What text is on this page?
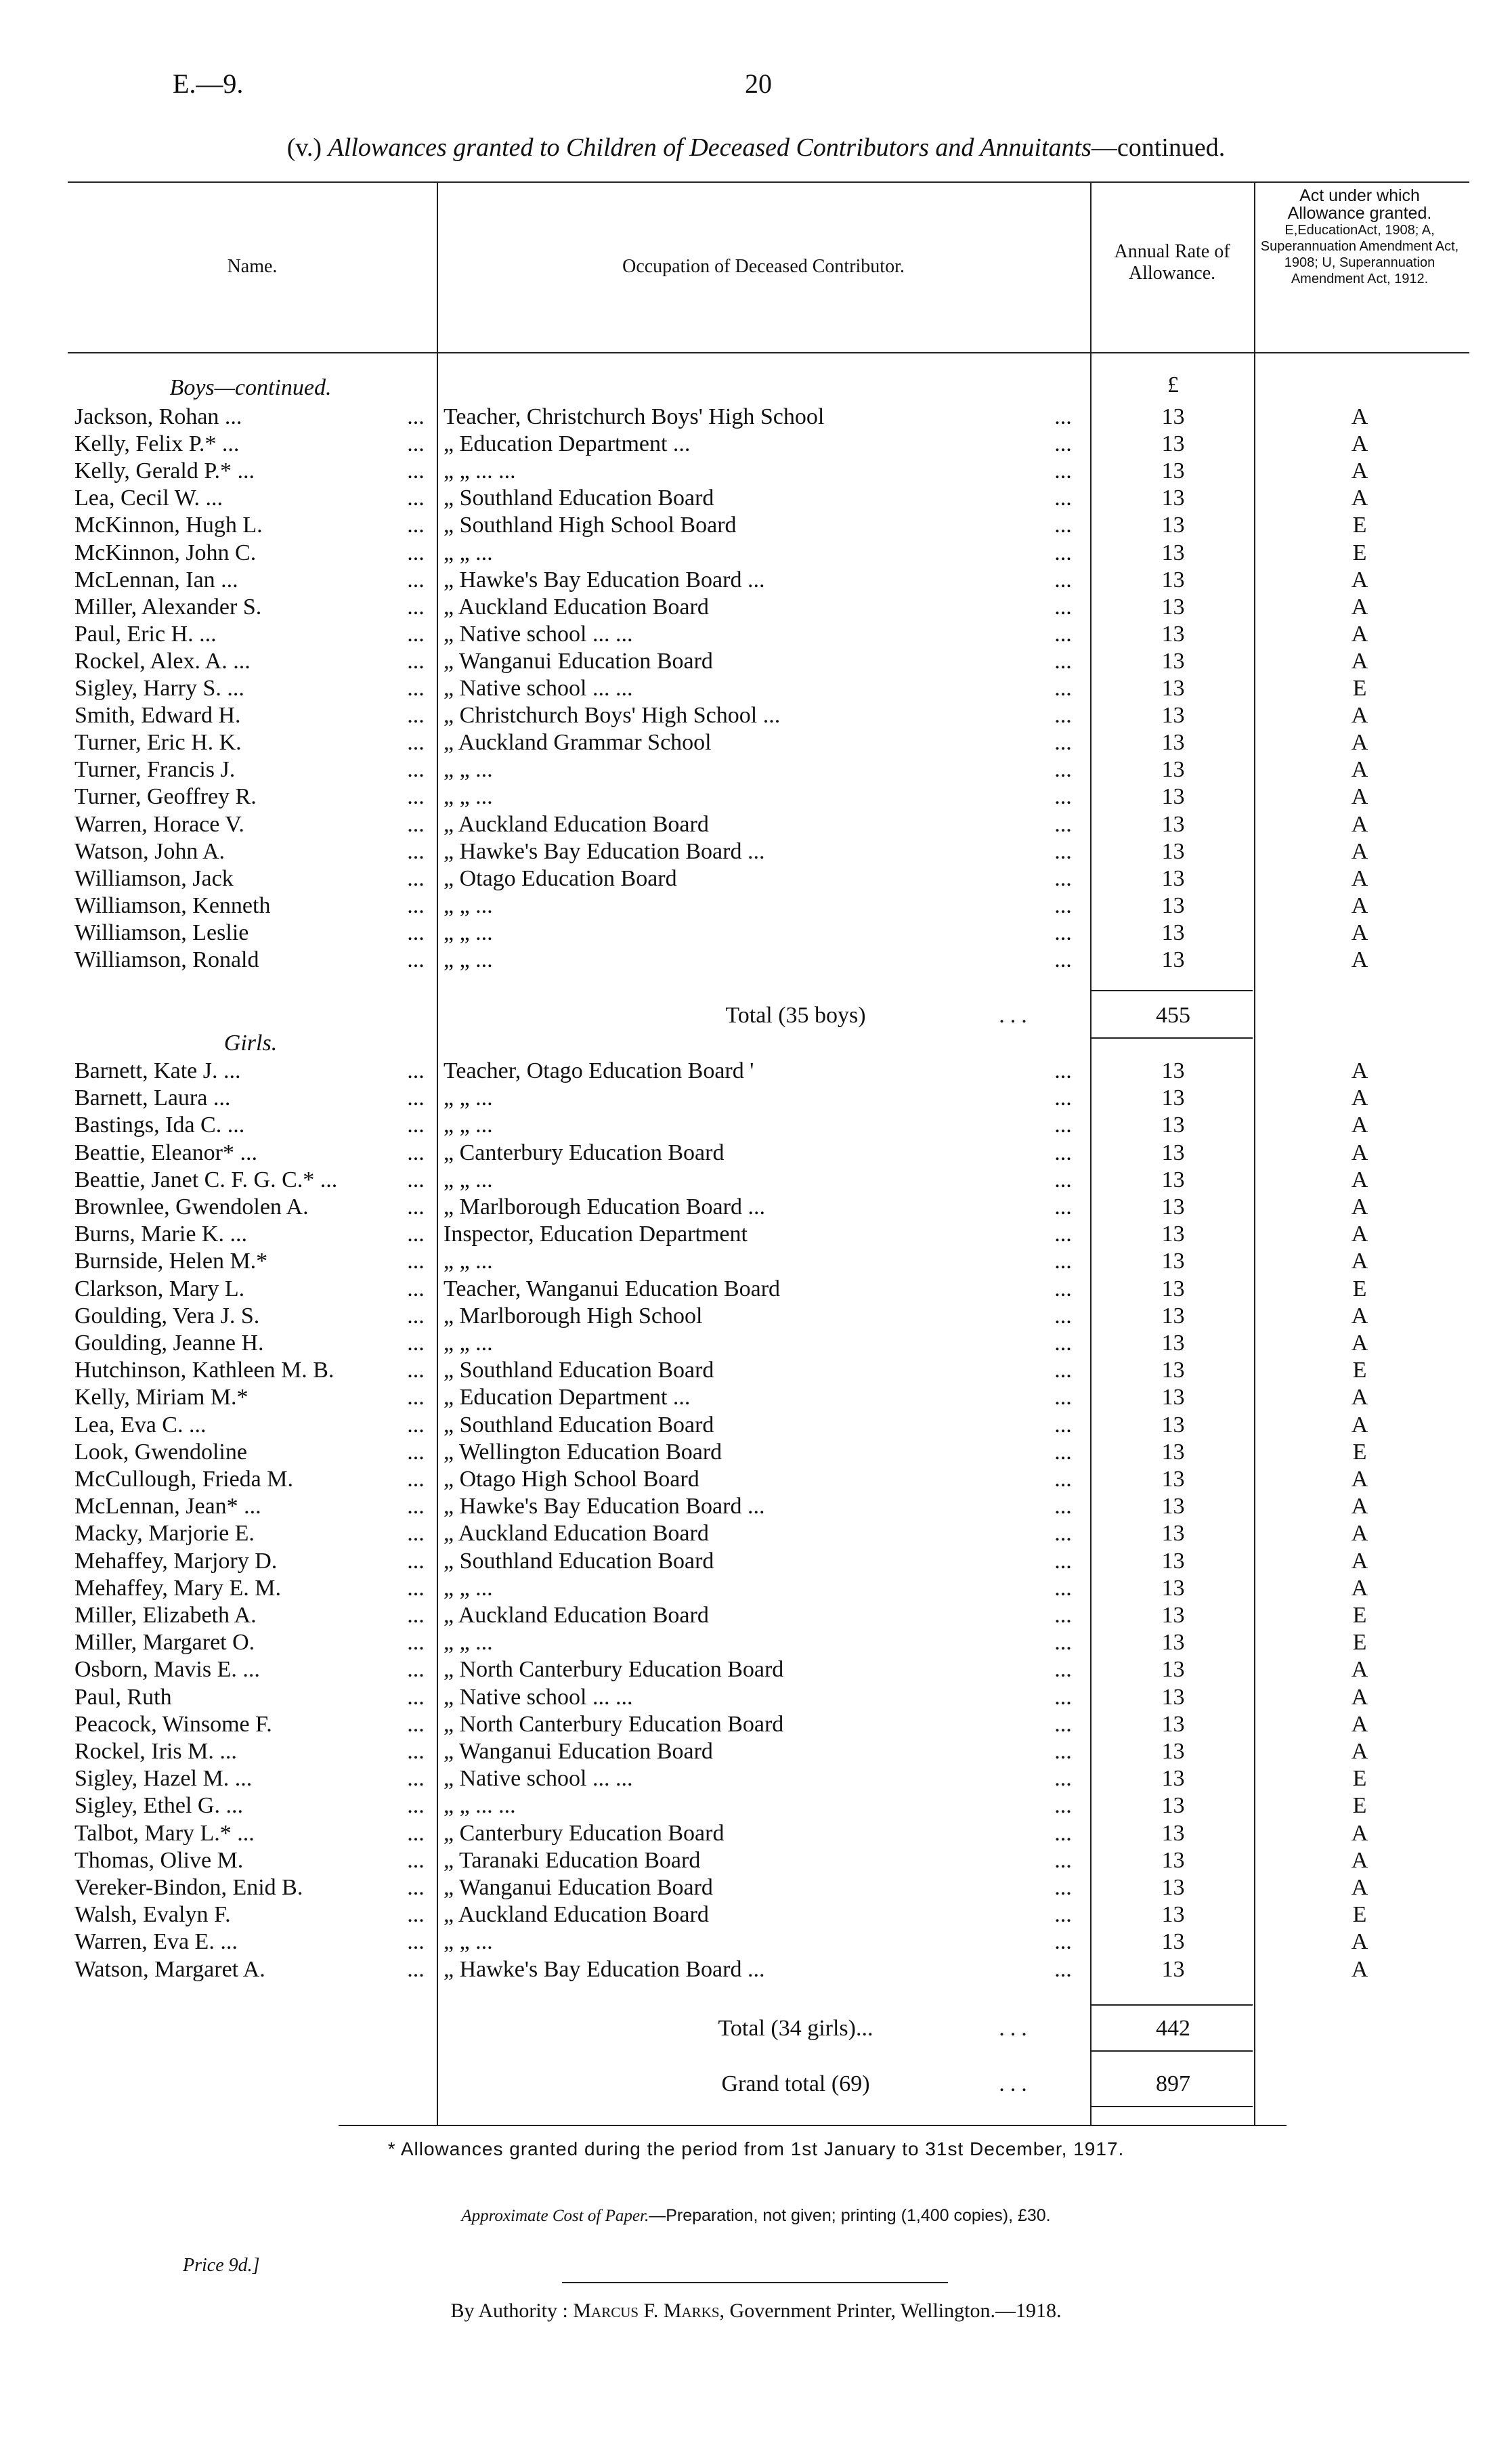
E.—9.	20
(v.) Allowances granted to Children of Deceased Contributors and Annuitants—continued.
Name.	Occupation of Deceased Contributor.
Annual Rate of
Allowance.
Act under which
Allowance granted.
E,EducationAct, 1908; A, Superannuation Amendment Act, 1908; U, Superannuation Amendment Act, 1912.
Boys—continued.	£
Jackson, Rohan ...	... Teacher, Christchurch Boys' High School	...	13	A
Kelly, Felix P.* ...	... „ Education Department ...	...	13	A
Kelly, Gerald P.* ...	... „ „ ... ...	...	13	A
Lea, Cecil W. ...	... „ Southland Education Board	...	13	A
McKinnon, Hugh L.	... „ Southland High School Board	...	13	E
McKinnon, John C.	... „ „ ...	...	13	E
McLennan, Ian ...	... „ Hawke's Bay Education Board ...	...	13	A
Miller, Alexander S.	... „ Auckland Education Board	...	13	A
Paul, Eric H. ...	... „ Native school ... ...	...	13	A
Rockel, Alex. A. ...	... „ Wanganui Education Board	...	13	A
Sigley, Harry S. ...	... „ Native school ... ...	...	13	E
Smith, Edward H.	... „ Christchurch Boys' High School ...	...	13	A
Turner, Eric H. K.	... „ Auckland Grammar School	...	13	A
Turner, Francis J.	... „ „ ...	...	13	A
Turner, Geoffrey R.	... „ „ ...	...	13	A
Warren, Horace V.	... „ Auckland Education Board	...	13	A
Watson, John A.	... „ Hawke's Bay Education Board ...	...	13	A
Williamson, Jack	... „ Otago Education Board	...	13	A
Williamson, Kenneth	... „ „ ...	...	13	A
Williamson, Leslie	... „ „ ...	...	13	A
Williamson, Ronald	... „ „ ...	...	13	A
Total (35 boys)	...	455
Girls.
Barnett, Kate J. ...	... Teacher, Otago Education Board '	...	13	A
Barnett, Laura ...	... „ „ ...	...	13	A
Bastings, Ida C. ...	... „ „ ...	...	13	A
Beattie, Eleanor* ...	... „ Canterbury Education Board	...	13	A
Beattie, Janet C. F. G. C.* ...	... „ „ ...	...	13	A
Brownlee, Gwendolen A.	... „ Marlborough Education Board ...	...	13	A
Burns, Marie K. ...	... Inspector, Education Department	...	13	A
Burnside, Helen M.*	... „ „ ...	...	13	A
Clarkson, Mary L.	... Teacher, Wanganui Education Board	...	13	E
Goulding, Vera J. S.	... „ Marlborough High School	...	13	A
Goulding, Jeanne H.	... „ „ ...	...	13	A
Hutchinson, Kathleen M. B.	... „ Southland Education Board	...	13	E
Kelly, Miriam M.*	... „ Education Department ...	...	13	A
Lea, Eva C. ...	... „ Southland Education Board	...	13	A
Look, Gwendoline	... „ Wellington Education Board	...	13	E
McCullough, Frieda M.	... „ Otago High School Board	...	13	A
McLennan, Jean* ...	... „ Hawke's Bay Education Board ...	...	13	A
Macky, Marjorie E.	... „ Auckland Education Board	...	13	A
Mehaffey, Marjory D.	... „ Southland Education Board	...	13	A
Mehaffey, Mary E. M.	... „ „ ...	...	13	A
Miller, Elizabeth A.	... „ Auckland Education Board	...	13	E
Miller, Margaret O.	... „ „ ...	...	13	E
Osborn, Mavis E. ...	... „ North Canterbury Education Board	...	13	A
Paul, Ruth	... „ Native school ... ...	...	13	A
Peacock, Winsome F.	... „ North Canterbury Education Board	...	13	A
Rockel, Iris M. ...	... „ Wanganui Education Board	...	13	A
Sigley, Hazel M. ...	... „ Native school ... ...	...	13	E
Sigley, Ethel G. ...	... „ „ ... ...	...	13	E
Talbot, Mary L.* ...	... „ Canterbury Education Board	...	13	A
Thomas, Olive M.	... „ Taranaki Education Board	...	13	A
Vereker-Bindon, Enid B.	... „ Wanganui Education Board	...	13	A
Walsh, Evalyn F.	... „ Auckland Education Board	...	13	E
Warren, Eva E. ...	... „ „ ...	...	13	A
Watson, Margaret A.	... „ Hawke's Bay Education Board ...	...	13	A
Total (34 girls)...	...	442
Grand total (69)	...	897
* Allowances granted during the period from 1st January to 31st December, 1917.
Approximate Cost of Paper.—Preparation, not given; printing (1,400 copies), £30.
By Authority : Marcus F. Marks, Government Printer, Wellington.—1918.
Price 9d.]
